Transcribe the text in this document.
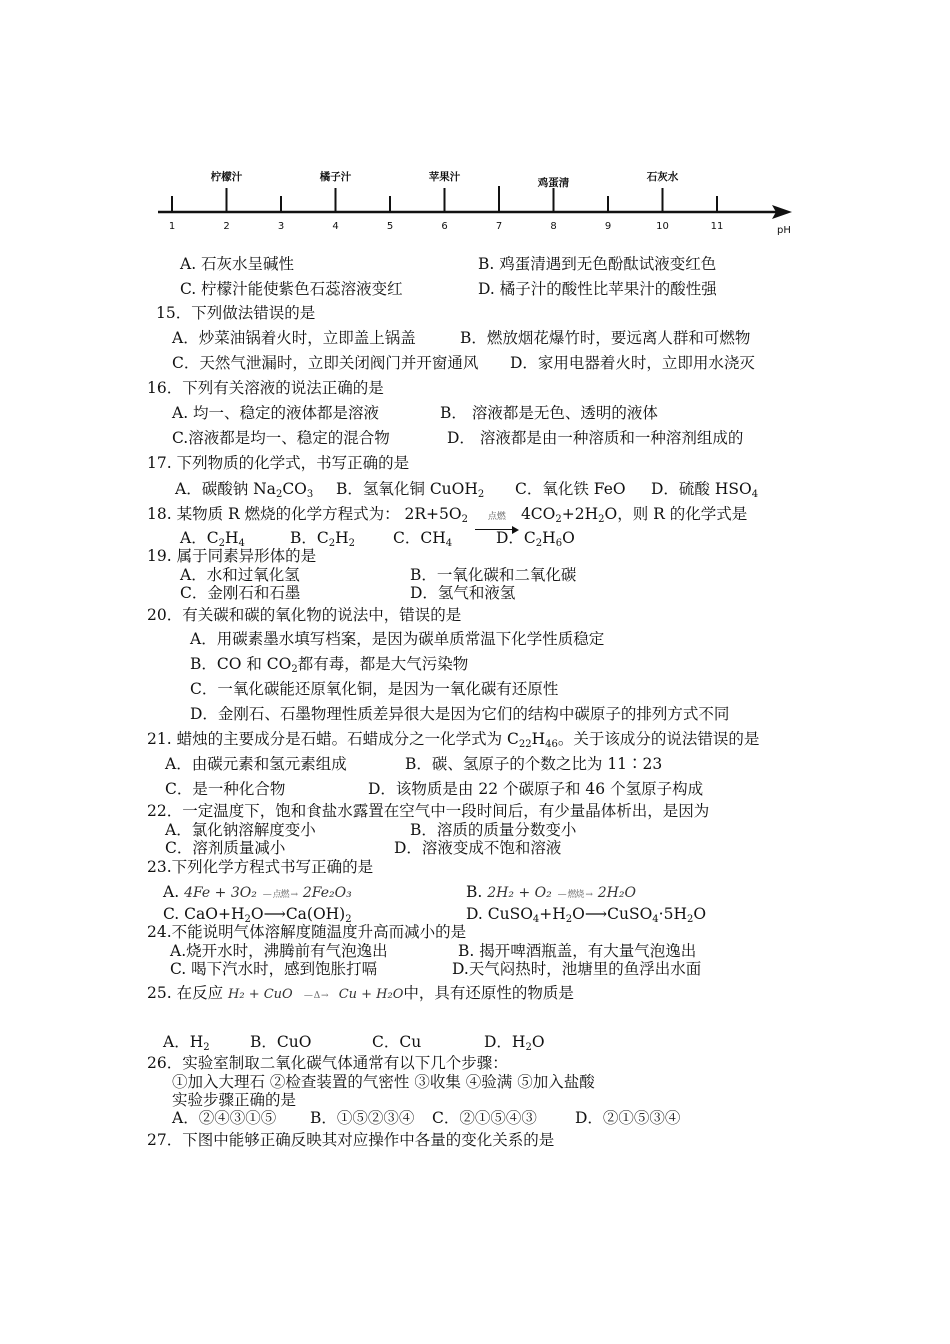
pH
1	2	3	4	5	6	7	8	9	10	11
柠檬汁	橘子汁	苹果汁	鸡蛋清	石灰水
A. 石灰水呈碱性	B. 鸡蛋清遇到无色酚酞试液变红色
C. 柠檬汁能使紫色石蕊溶液变红	D. 橘子汁的酸性比苹果汁的酸性强
15．下列做法错误的是
A．炒菜油锅着火时，立即盖上锅盖	B．燃放烟花爆竹时，要远离人群和可燃物
C．天然气泄漏时，立即关闭阀门并开窗通风 D．家用电器着火时，立即用水浇灭
16．下列有关溶液的说法正确的是
A. 均一、稳定的液体都是溶液	B． 溶液都是无色、透明的液体
C.溶液都是均一、稳定的混合物	D． 溶液都是由一种溶质和一种溶剂组成的
17. 下列物质的化学式，书写正确的是
A．碳酸钠 $Na_2CO_3$ B．氢氧化铜 CuOH$_2$ C．氧化铁 FeO D．硫酸 $HSO_4$
18. 某物质 R 燃烧的化学方程式为： $2R+5O_2$ 点燃 $4CO_2+2H_2O$，则 R 的化学式是
A．$C_2H_4$	B．$C_2H_2$ C．$CH_4$	D．$C_2H_6O$
19. 属于同素异形体的是
A．水和过氧化氢	B．一氧化碳和二氧化碳
C．金刚石和石墨	D．氢气和液氢
20．有关碳和碳的氧化物的说法中，错误的是
A．用碳素墨水填写档案，是因为碳单质常温下化学性质稳定
B．CO 和 $CO_2$都有毒，都是大气污染物
C．一氧化碳能还原氧化铜，是因为一氧化碳有还原性
D．金刚石、石墨物理性质差异很大是因为它们的结构中碳原子的排列方式不同
21. 蜡烛的主要成分是石蜡。石蜡成分之一化学式为 $C_{22}H_{46}$。关于该成分的说法错误的是
A．由碳元素和氢元素组成	B．碳、氢原子的个数之比为 11∶23
C．是一种化合物	D．该物质是由 22 个碳原子和 46 个氢原子构成
22．一定温度下，饱和食盐水露置在空气中一段时间后，有少量晶体析出，是因为
A．氯化钠溶解度变小	B．溶质的质量分数变小
C．溶剂质量减小	D．溶液变成不饱和溶液
23.下列化学方程式书写正确的是
A. 4Fe + 3O₂ — 点燃 → 2Fe₂O₃	B. 2H₂ + O₂ — 燃烧 → 2H₂O
C. $CaO+H_2O⟶Ca(OH)_2$	D. $CuSO_4+H_2O⟶CuSO_4\cdot 5H_2O$
24.不能说明气体溶解度随温度升高而减小的是
A.烧开水时，沸腾前有气泡逸出	B. 揭开啤酒瓶盖，有大量气泡逸出
C. 喝下汽水时，感到饱胀打嗝	D.天气闷热时，池塘里的鱼浮出水面
25. 在反应 H₂ + CuO — Δ → Cu + H₂O中，具有还原性的物质是
A．$H_2$	B．CuO	C．Cu	D．$H_2O$
26．实验室制取二氧化碳气体通常有以下几个步骤：
①加入大理石 ②检查装置的气密性 ③收集 ④验满 ⑤加入盐酸
实验步骤正确的是
A．②④③①⑤ B．①⑤②③④ C．②①⑤④③ D．②①⑤③④
27．下图中能够正确反映其对应操作中各量的变化关系的是
